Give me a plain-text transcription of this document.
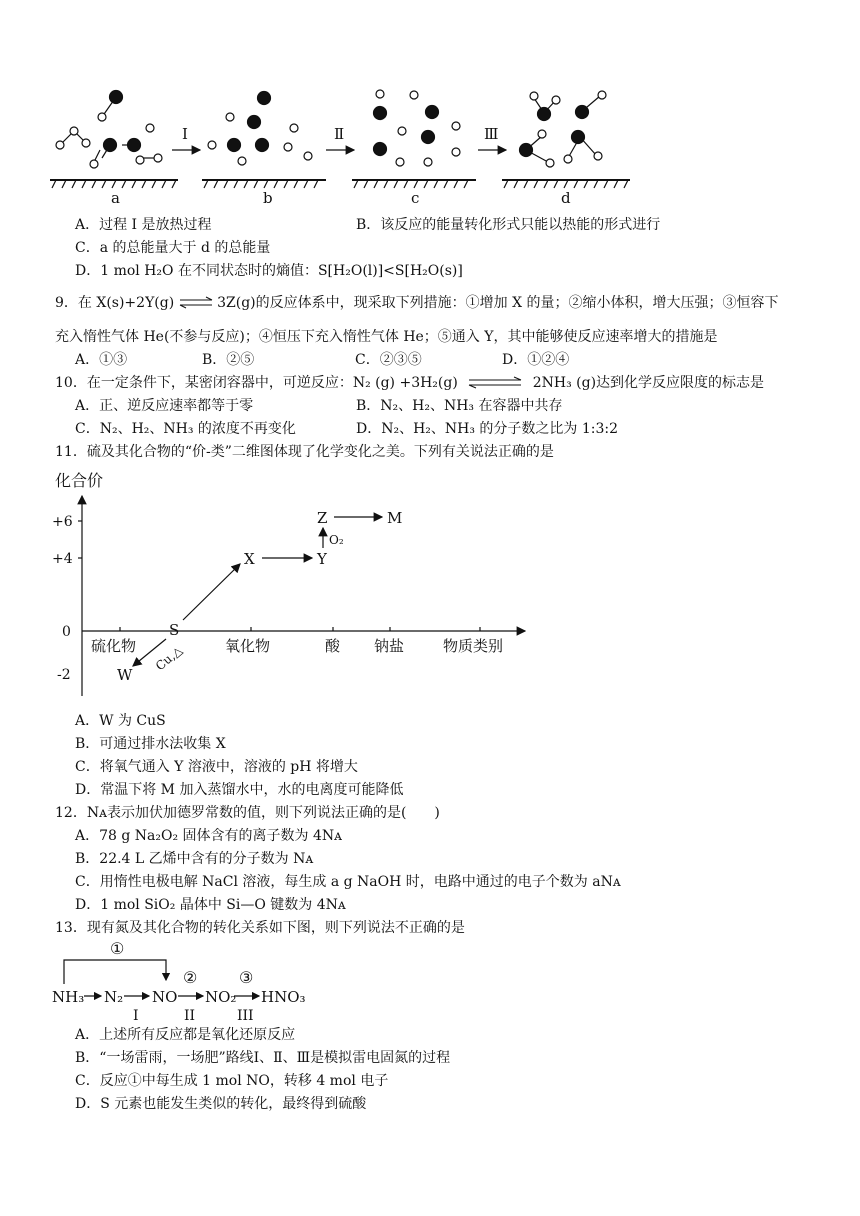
a	b	c	d
I	Ⅱ	Ⅲ
A．过程 I 是放热过程	B．该反应的能量转化形式只能以热能的形式进行
C．a 的总能量大于 d 的总能量
D．1 mol H₂O 在不同状态时的熵值：S[H₂O(l)]<S[H₂O(s)]
9．在 X(s)+2Y(g) ⇌ 3Z(g)的反应体系中，现采取下列措施：①增加 X 的量；②缩小体积，增大压强；③恒容下
充入惰性气体 He(不参与反应)；④恒压下充入惰性气体 He；⑤通入 Y，其中能够使反应速率增大的措施是
A．①③	B．②⑤	C．②③⑤	D．①②④
10．在一定条件下，某密闭容器中，可逆反应：N₂ (g) +3H₂(g) ⇌ 2NH₃ (g)达到化学反应限度的标志是
A．正、逆反应速率都等于零	B．N₂、H₂、NH₃ 在容器中共存
C．N₂、H₂、NH₃ 的浓度不再变化	D．N₂、H₂、NH₃ 的分子数之比为 1:3:2
11．硫及其化合物的“价-类”二维图体现了化学变化之美。下列有关说法正确的是
化合价
+6
+4
0
-2
硫化物	氧化物	酸 钠盐	物质类别
S
W
X	Y
Z	M
O₂
Cu,△
A．W 为 CuS
B．可通过排水法收集 X
C．将氧气通入 Y 溶液中，溶液的 pH 将增大
D．常温下将 M 加入蒸馏水中，水的电离度可能降低
12．Nᴀ表示加伏加德罗常数的值，则下列说法正确的是(　　)
A．78 g Na₂O₂ 固体含有的离子数为 4Nᴀ
B．22.4 L 乙烯中含有的分子数为 Nᴀ
C．用惰性电极电解 NaCl 溶液，每生成 a g NaOH 时，电路中通过的电子个数为 aNᴀ
D．1 mol SiO₂ 晶体中 Si—O 键数为 4Nᴀ
13．现有氮及其化合物的转化关系如下图，则下列说法不正确的是
NH₃ N₂ NO NO₂ HNO₃
①
②	③
I	II	III
A．上述所有反应都是氧化还原反应
B．“一场雷雨，一场肥”路线Ⅰ、Ⅱ、Ⅲ是模拟雷电固氮的过程
C．反应①中每生成 1 mol NO，转移 4 mol 电子
D．S 元素也能发生类似的转化，最终得到硫酸
